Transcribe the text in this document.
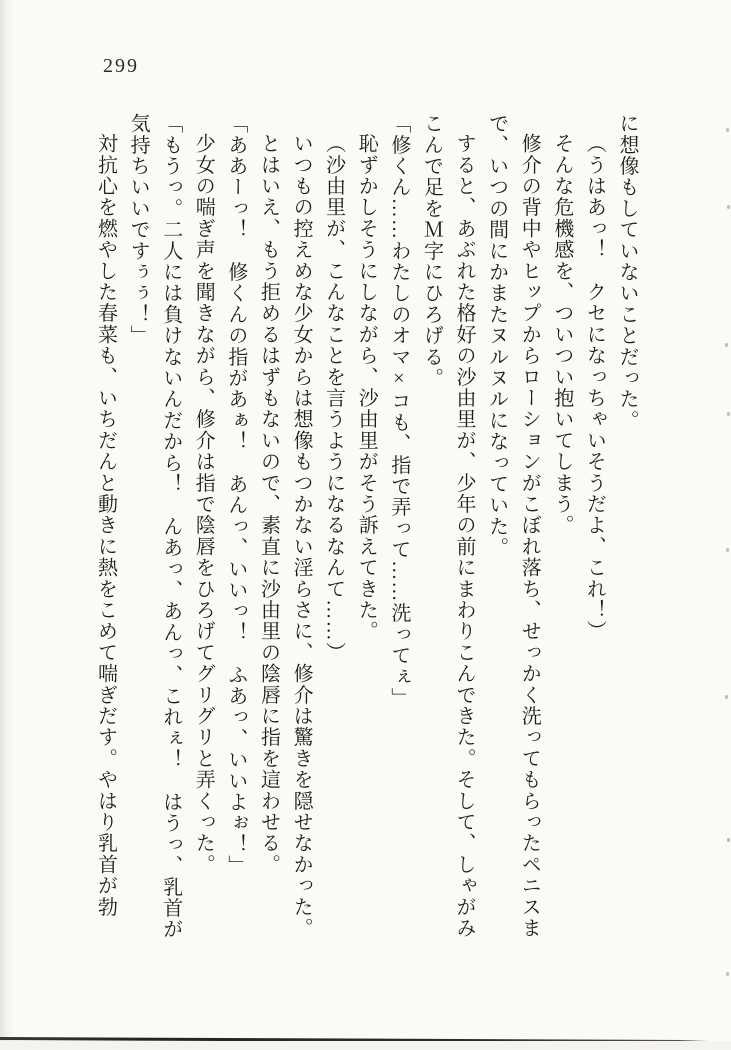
299

に想像もしていないことだった。

（うはあっ！　クセになっちゃいそうだよ、これ！）

そんな危機感を、ついつい抱いてしまう。

修介の背中やヒップからローションがこぼれ落ち、せっかく洗ってもらったペニスまで、いつの間にかまたヌルヌルになっていた。

すると、あぶれた格好の沙由里が、少年の前にまわりこんできた。そして、しゃがみこんで足をＭ字にひろげる。

「修くん……わたしのオマ×コも、指で弄って……洗ってぇ」

恥ずかしそうにしながら、沙由里がそう訴えてきた。

（沙由里が、こんなことを言うようになるなんて……）

いつもの控えめな少女からは想像もつかない淫らさに、修介は驚きを隠せなかった。

とはいえ、もう拒めるはずもないので、素直に沙由里の陰唇に指を這わせる。

「ああーっ！　修くんの指があぁ！　あんっ、いいっ！　ふあっ、いいよぉ！」

少女の喘ぎ声を聞きながら、修介は指で陰唇をひろげてグリグリと弄くった。

「もうっ。二人には負けないんだから！　んあっ、あんっ、これぇ！　はうっ、乳首が気持ちいいですぅぅ！」

対抗心を燃やした春菜も、いちだんと動きに熱をこめて喘ぎだす。やはり乳首が勃
